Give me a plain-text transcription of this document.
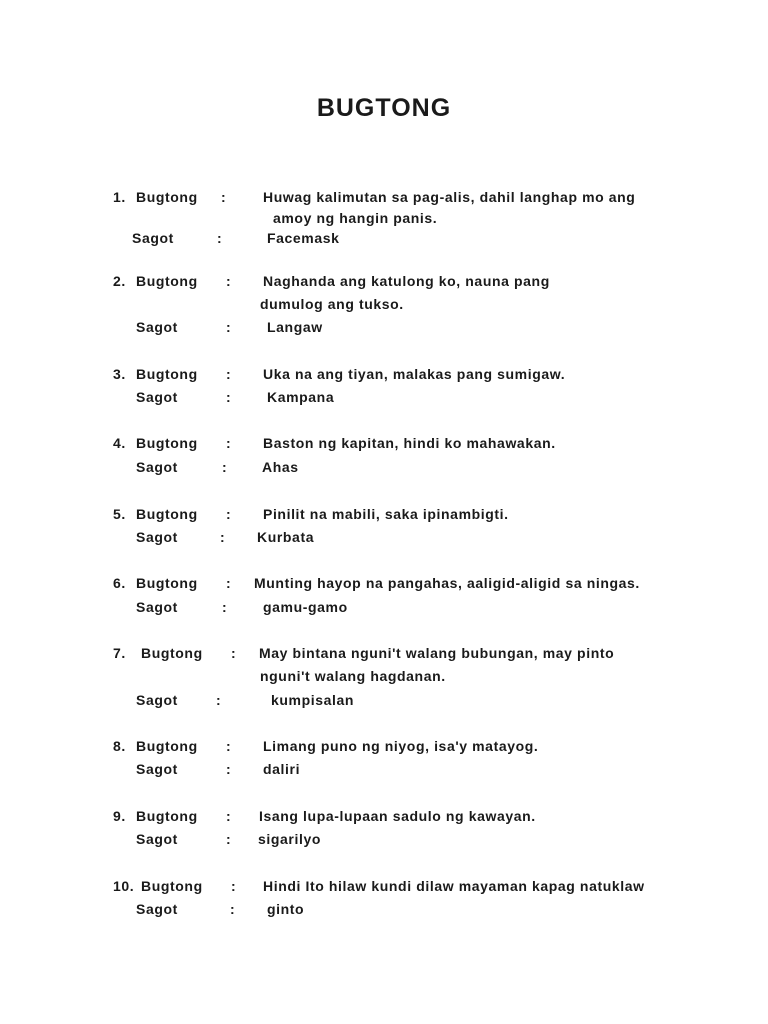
BUGTONG
1. Bugtong :	Huwag kalimutan sa pag-alis, dahil langhap mo ang
amoy ng hangin panis.
Sagot	:	Facemask
2. Bugtong : Naghanda ang katulong ko, nauna pang
dumulog ang tukso.
Sagot	:	Langaw
3. Bugtong : Uka na ang tiyan, malakas pang sumigaw.
Sagot	:	Kampana
4. Bugtong : Baston ng kapitan, hindi ko mahawakan.
Sagot	: Ahas
5. Bugtong : Pinilit na mabili, saka ipinambigti.
Sagot	: Kurbata
6. Bugtong : Munting hayop na pangahas, aaligid-aligid sa ningas.
Sagot	:	gamu-gamo
7. Bugtong : May bintana nguni't walang bubungan, may pinto
nguni't walang hagdanan.
Sagot	:	kumpisalan
8. Bugtong : Limang puno ng niyog, isa'y matayog.
Sagot	: daliri
9. Bugtong : Isang lupa-lupaan sadulo ng kawayan.
Sagot	: sigarilyo
10. Bugtong : Hindi Ito hilaw kundi dilaw mayaman kapag natuklaw
Sagot	: ginto
